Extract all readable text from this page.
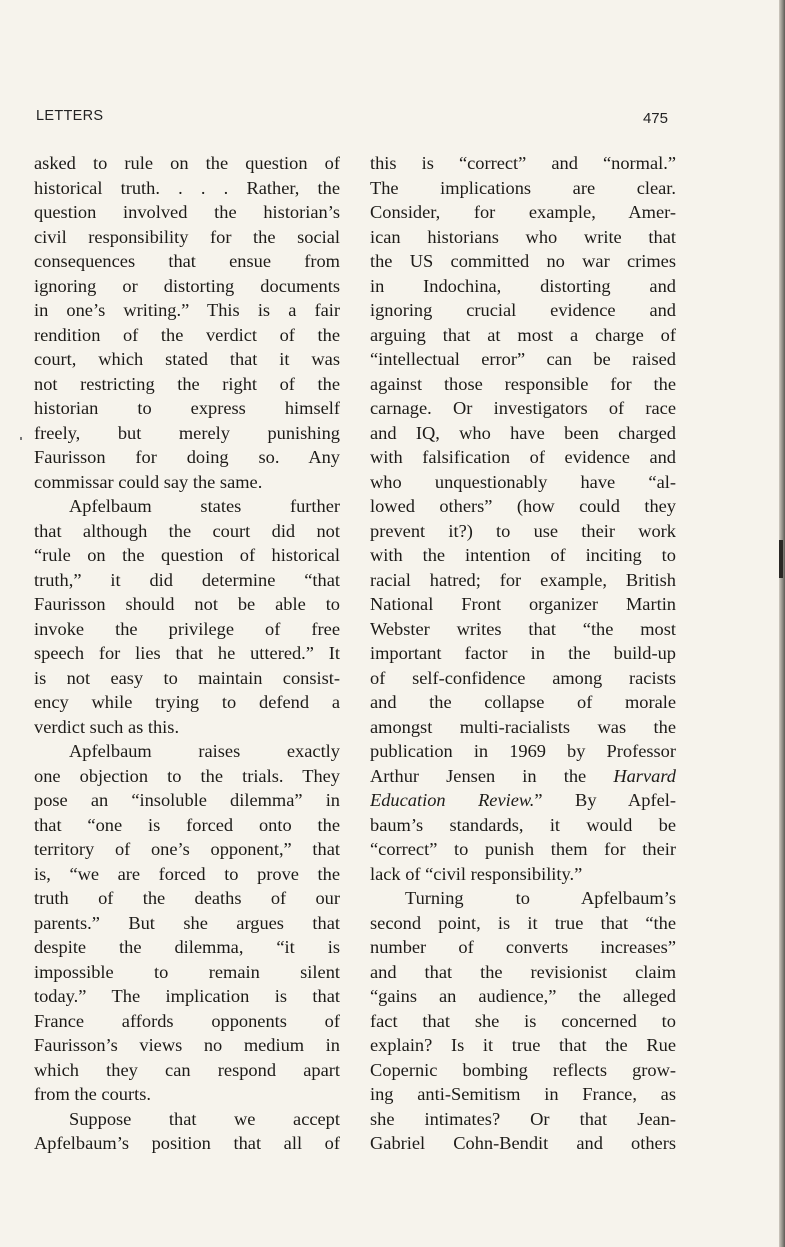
LETTERS	475
asked to rule on the question of
historical truth. . . . Rather, the
question involved the historian’s
civil responsibility for the social
consequences that ensue from
ignoring or distorting documents
in one’s writing.” This is a fair
rendition of the verdict of the
court, which stated that it was
not restricting the right of the
historian to express himself
freely, but merely punishing
Faurisson for doing so. Any
commissar could say the same.
Apfelbaum states further
that although the court did not
“rule on the question of historical
truth,” it did determine “that
Faurisson should not be able to
invoke the privilege of free
speech for lies that he uttered.” It
is not easy to maintain consist-
ency while trying to defend a
verdict such as this.
Apfelbaum raises exactly
one objection to the trials. They
pose an “insoluble dilemma” in
that “one is forced onto the
territory of one’s opponent,” that
is, “we are forced to prove the
truth of the deaths of our
parents.” But she argues that
despite the dilemma, “it is
impossible to remain silent
today.” The implication is that
France affords opponents of
Faurisson’s views no medium in
which they can respond apart
from the courts.
Suppose that we accept
Apfelbaum’s position that all of
this is “correct” and “normal.”
The implications are clear.
Consider, for example, Amer-
ican historians who write that
the US committed no war crimes
in Indochina, distorting and
ignoring crucial evidence and
arguing that at most a charge of
“intellectual error” can be raised
against those responsible for the
carnage. Or investigators of race
and IQ, who have been charged
with falsification of evidence and
who unquestionably have “al-
lowed others” (how could they
prevent it?) to use their work
with the intention of inciting to
racial hatred; for example, British
National Front organizer Martin
Webster writes that “the most
important factor in the build-up
of self-confidence among racists
and the collapse of morale
amongst multi-racialists was the
publication in 1969 by Professor
Arthur Jensen in the Harvard
Education Review.” By Apfel-
baum’s standards, it would be
“correct” to punish them for their
lack of “civil responsibility.”
Turning to Apfelbaum’s
second point, is it true that “the
number of converts increases”
and that the revisionist claim
“gains an audience,” the alleged
fact that she is concerned to
explain? Is it true that the Rue
Copernic bombing reflects grow-
ing anti-Semitism in France, as
she intimates? Or that Jean-
Gabriel Cohn-Bendit and others
